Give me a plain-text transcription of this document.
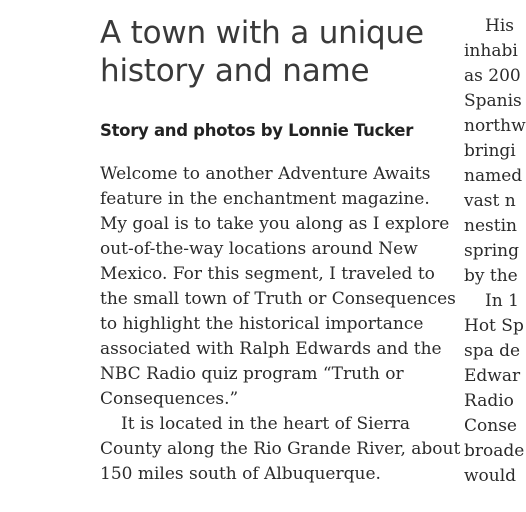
A town with a unique
history and name
Story and photos by Lonnie Tucker
Welcome to another Adventure Awaits
feature in the enchantment magazine.
My goal is to take you along as I explore
out-of-the-way locations around New
Mexico. For this segment, I traveled to
the small town of Truth or Consequences
to highlight the historical importance
associated with Ralph Edwards and the
NBC Radio quiz program “Truth or
Consequences.”
It is located in the heart of Sierra
County along the Rio Grande River, about
150 miles south of Albuquerque.
His
inhabi
as 200
Spanis
northw
bringi
named
vast n
nestin
spring
by the
In 1
Hot Sp
spa de
Edwar
Radio
Conse
broade
would
